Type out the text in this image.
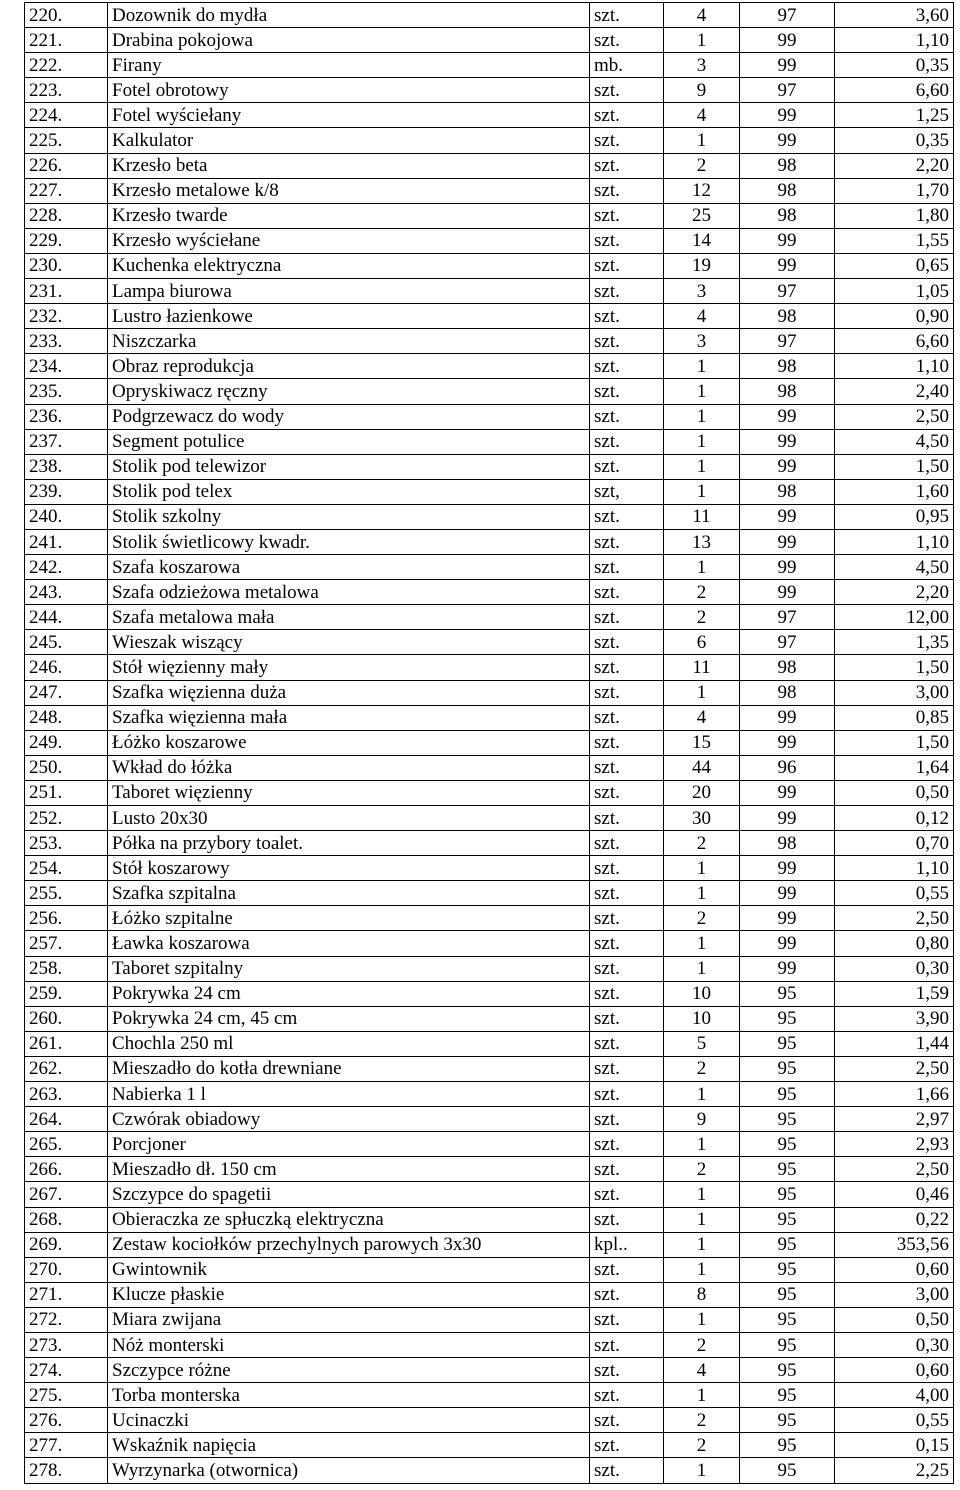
220.	Dozownik do mydła	szt.	4	97	3,60
221.	Drabina pokojowa	szt.	1	99	1,10
222.	Firany	mb.	3	99	0,35
223.	Fotel obrotowy	szt.	9	97	6,60
224.	Fotel wyściełany	szt.	4	99	1,25
225.	Kalkulator	szt.	1	99	0,35
226.	Krzesło beta	szt.	2	98	2,20
227.	Krzesło metalowe k/8	szt.	12	98	1,70
228.	Krzesło twarde	szt.	25	98	1,80
229.	Krzesło wyściełane	szt.	14	99	1,55
230.	Kuchenka elektryczna	szt.	19	99	0,65
231.	Lampa biurowa	szt.	3	97	1,05
232.	Lustro łazienkowe	szt.	4	98	0,90
233.	Niszczarka	szt.	3	97	6,60
234.	Obraz reprodukcja	szt.	1	98	1,10
235.	Opryskiwacz ręczny	szt.	1	98	2,40
236.	Podgrzewacz do wody	szt.	1	99	2,50
237.	Segment potulice	szt.	1	99	4,50
238.	Stolik pod telewizor	szt.	1	99	1,50
239.	Stolik pod telex	szt,	1	98	1,60
240.	Stolik szkolny	szt.	11	99	0,95
241.	Stolik świetlicowy kwadr.	szt.	13	99	1,10
242.	Szafa koszarowa	szt.	1	99	4,50
243.	Szafa odzieżowa metalowa	szt.	2	99	2,20
244.	Szafa metalowa mała	szt.	2	97	12,00
245.	Wieszak wiszący	szt.	6	97	1,35
246.	Stół więzienny mały	szt.	11	98	1,50
247.	Szafka więzienna duża	szt.	1	98	3,00
248.	Szafka więzienna mała	szt.	4	99	0,85
249.	Łóżko koszarowe	szt.	15	99	1,50
250.	Wkład do łóżka	szt.	44	96	1,64
251.	Taboret więzienny	szt.	20	99	0,50
252.	Lusto 20x30	szt.	30	99	0,12
253.	Półka na przybory toalet.	szt.	2	98	0,70
254.	Stół koszarowy	szt.	1	99	1,10
255.	Szafka szpitalna	szt.	1	99	0,55
256.	Łóżko szpitalne	szt.	2	99	2,50
257.	Ławka koszarowa	szt.	1	99	0,80
258.	Taboret szpitalny	szt.	1	99	0,30
259.	Pokrywka 24 cm	szt.	10	95	1,59
260.	Pokrywka 24 cm, 45 cm	szt.	10	95	3,90
261.	Chochla 250 ml	szt.	5	95	1,44
262.	Mieszadło do kotła drewniane	szt.	2	95	2,50
263.	Nabierka 1 l	szt.	1	95	1,66
264.	Czwórak obiadowy	szt.	9	95	2,97
265.	Porcjoner	szt.	1	95	2,93
266.	Mieszadło dł. 150 cm	szt.	2	95	2,50
267.	Szczypce do spagetii	szt.	1	95	0,46
268.	Obieraczka ze spłuczką elektryczna	szt.	1	95	0,22
269.	Zestaw kociołków przechylnych parowych 3x30	kpl..	1	95	353,56
270.	Gwintownik	szt.	1	95	0,60
271.	Klucze płaskie	szt.	8	95	3,00
272.	Miara zwijana	szt.	1	95	0,50
273.	Nóż monterski	szt.	2	95	0,30
274.	Szczypce różne	szt.	4	95	0,60
275.	Torba monterska	szt.	1	95	4,00
276.	Ucinaczki	szt.	2	95	0,55
277.	Wskaźnik napięcia	szt.	2	95	0,15
278.	Wyrzynarka (otwornica)	szt.	1	95	2,25
